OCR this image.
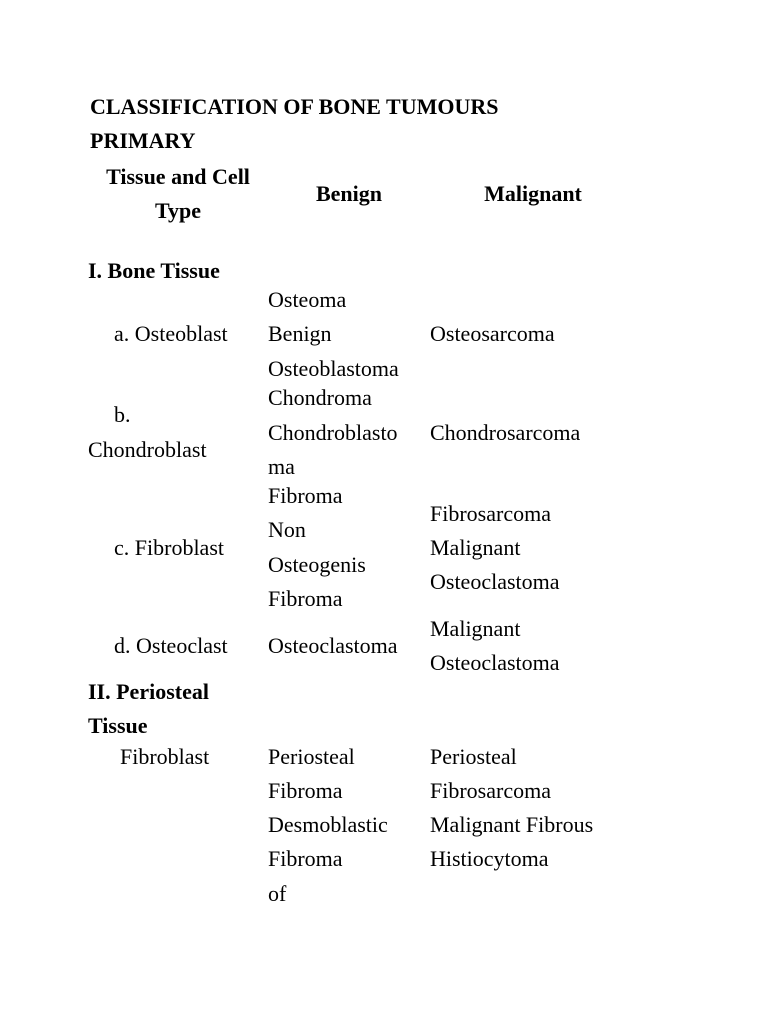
CLASSIFICATION OF BONE TUMOURS
PRIMARY
Tissue and Cell
Type
Benign	Malignant
I. Bone Tissue
a. Osteoblast
Osteoma
Benign
Osteoblastoma
Osteosarcoma
b.
Chondroblast
Chondroma
Chondroblasto
ma
Chondrosarcoma
c. Fibroblast
Fibroma
Non
Osteogenis
Fibroma
Fibrosarcoma
Malignant
Osteoclastoma
d. Osteoclast Osteoclastoma
Malignant
Osteoclastoma
II. Periosteal
Tissue
Fibroblast	Periosteal
Fibroma
Desmoblastic
Fibroma
of
Periosteal
Fibrosarcoma
Malignant Fibrous
Histiocytoma
